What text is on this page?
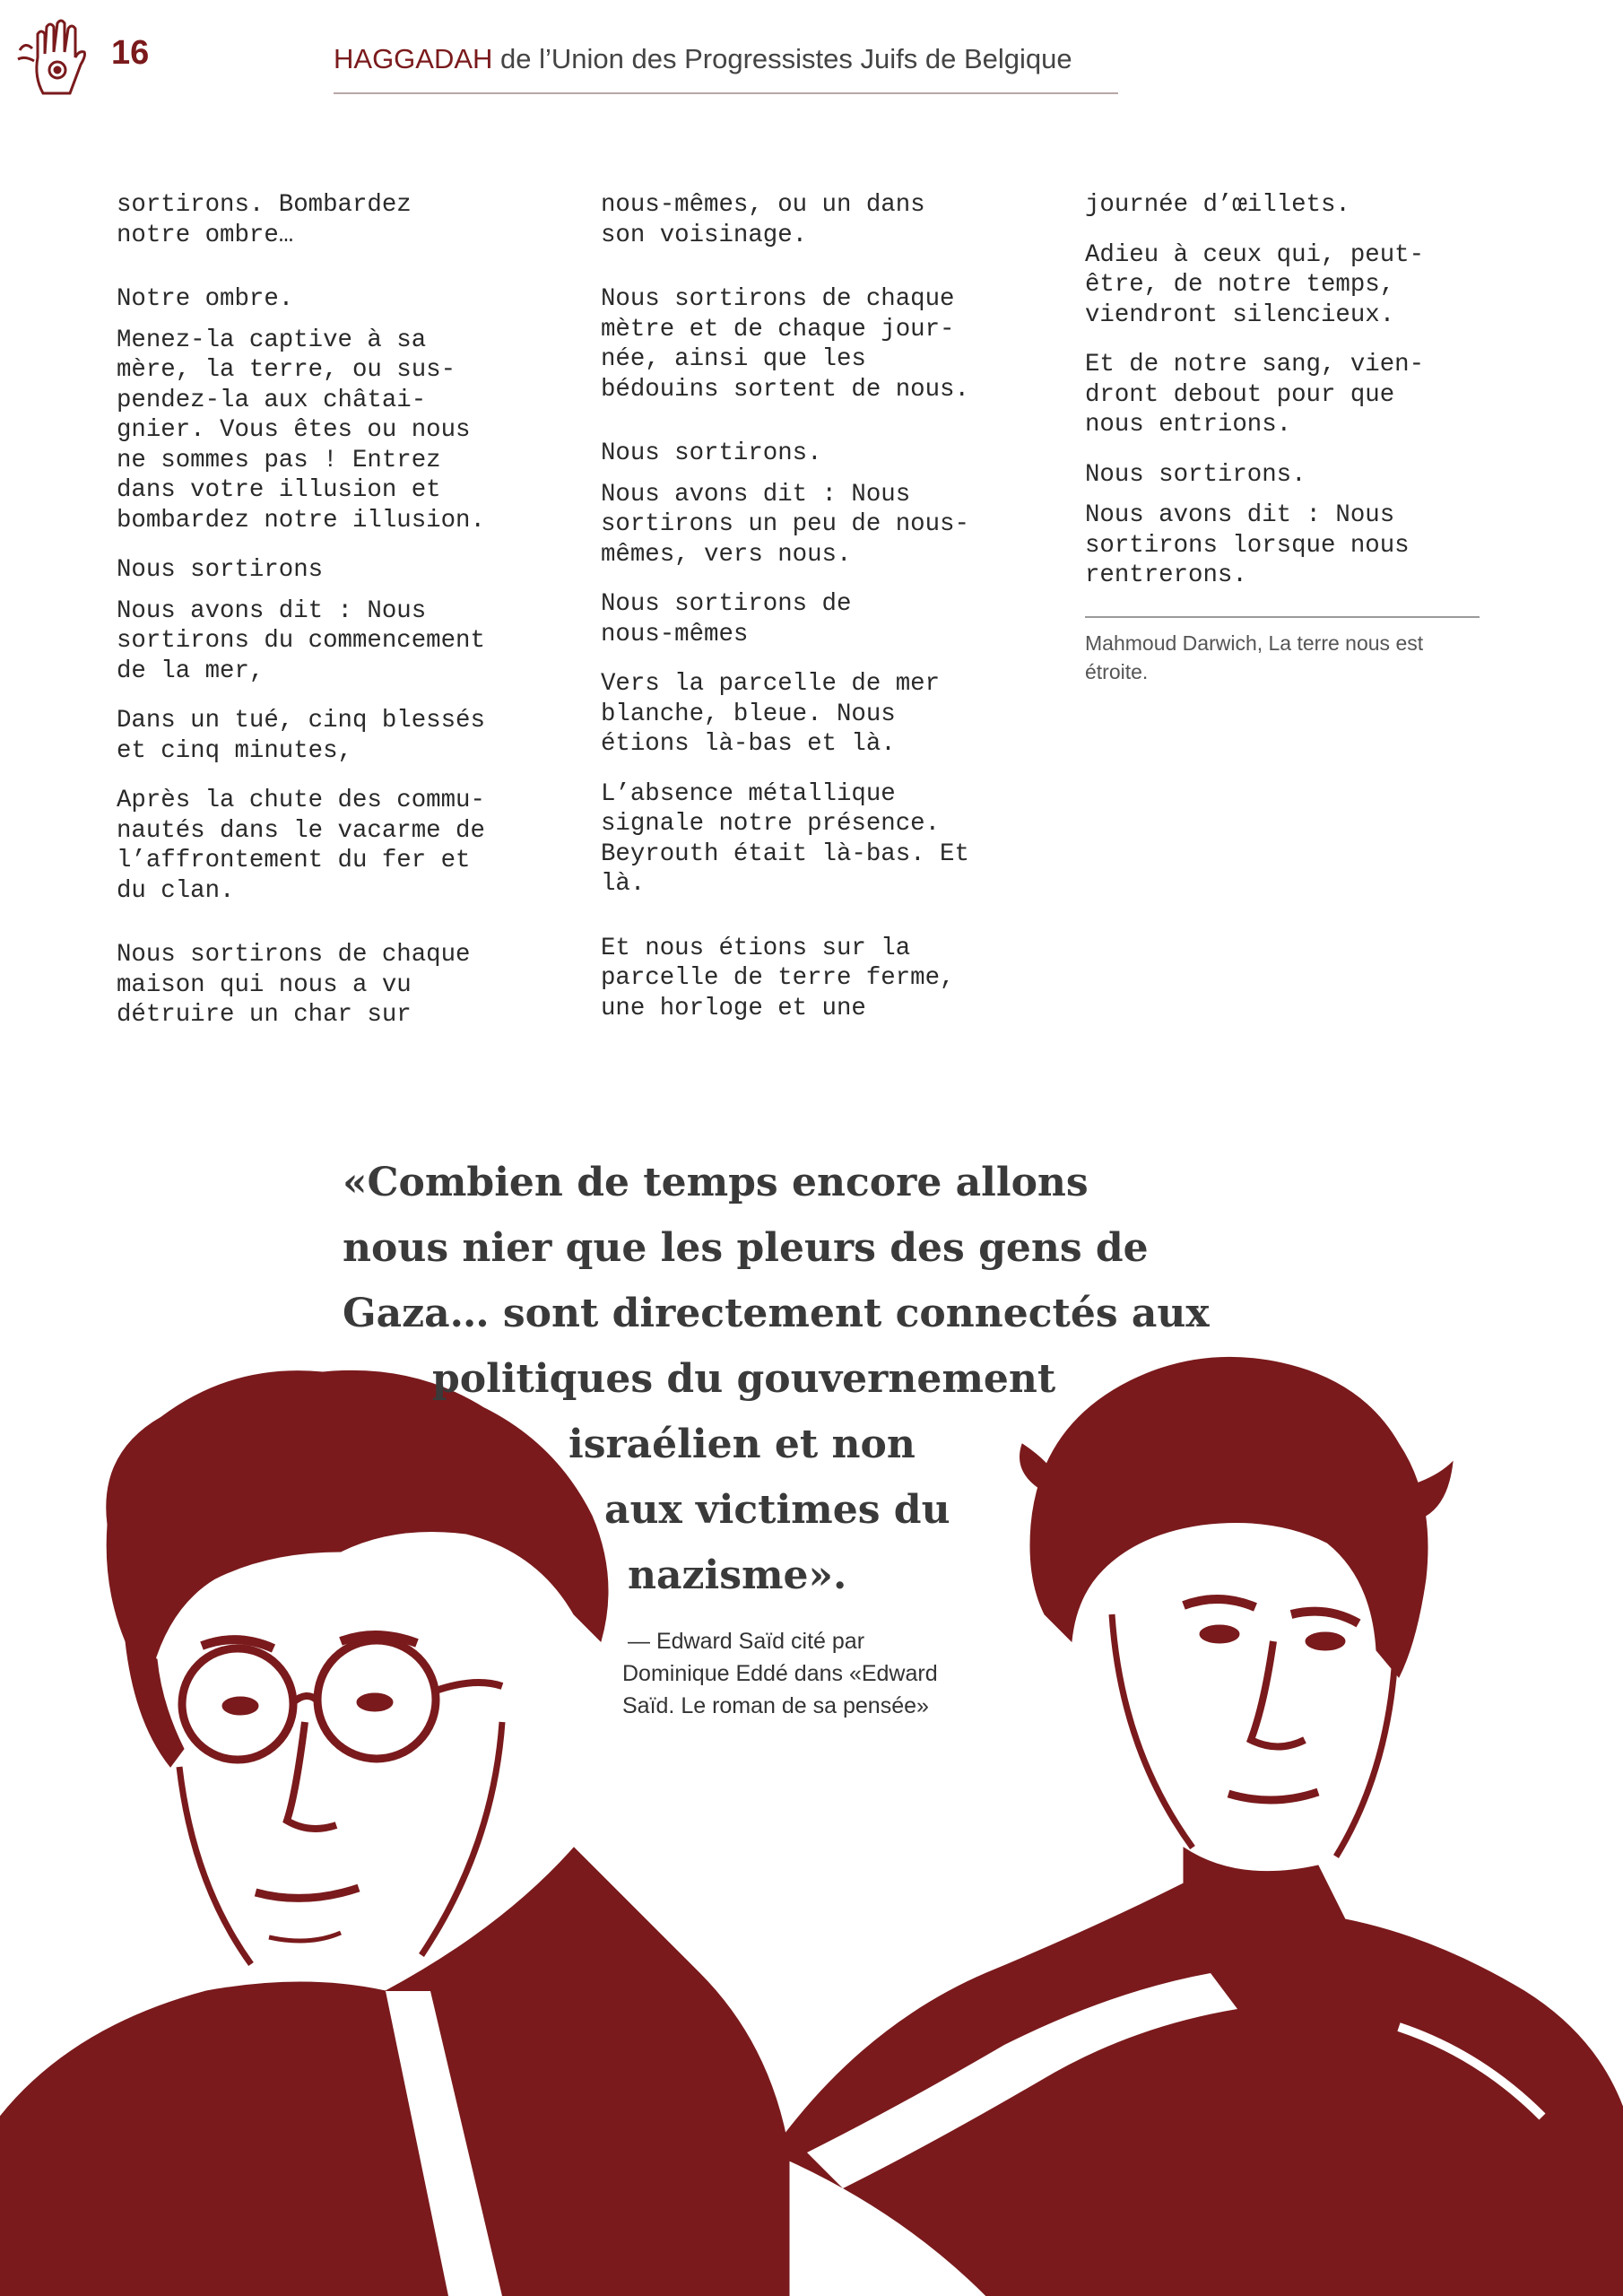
16	HAGGADAH de l’Union des Progressistes Juifs de Belgique

sortirons. Bombardez

notre ombre…

Notre ombre.

Menez-la captive à sa

mère, la terre, ou sus-

pendez-la aux châtai-

gnier. Vous êtes ou nous

ne sommes pas ! Entrez

dans votre illusion et

bombardez notre illusion.

Nous sortirons

Nous avons dit : Nous

sortirons du commencement

de la mer,

Dans un tué, cinq blessés

et cinq minutes,

Après la chute des commu-

nautés dans le vacarme de

l’affrontement du fer et

du clan.

Nous sortirons de chaque

maison qui nous a vu

détruire un char sur

nous-mêmes, ou un dans

son voisinage.

Nous sortirons de chaque

mètre et de chaque jour-

née, ainsi que les

bédouins sortent de nous.

Nous sortirons.

Nous avons dit : Nous

sortirons un peu de nous-

mêmes, vers nous.

Nous sortirons de

nous-mêmes

Vers la parcelle de mer

blanche, bleue. Nous

étions là-bas et là.

L’absence métallique

signale notre présence.

Beyrouth était là-bas. Et

là.

Et nous étions sur la

parcelle de terre ferme,

une horloge et une

journée d’œillets.

Adieu à ceux qui, peut-

être, de notre temps,

viendront silencieux.

Et de notre sang, vien-

dront debout pour que

nous entrions.

Nous sortirons.

Nous avons dit : Nous

sortirons lorsque nous

rentrerons.

Mahmoud Darwich, La terre nous est étroite.
«Combien de temps encore allons
nous nier que les pleurs des gens de
Gaza… sont directement connectés aux
politiques du gouvernement
israélien et non
aux victimes du
nazisme».
— Edward Saïd cité par
Dominique Eddé dans «Edward
Saïd. Le roman de sa pensée»
